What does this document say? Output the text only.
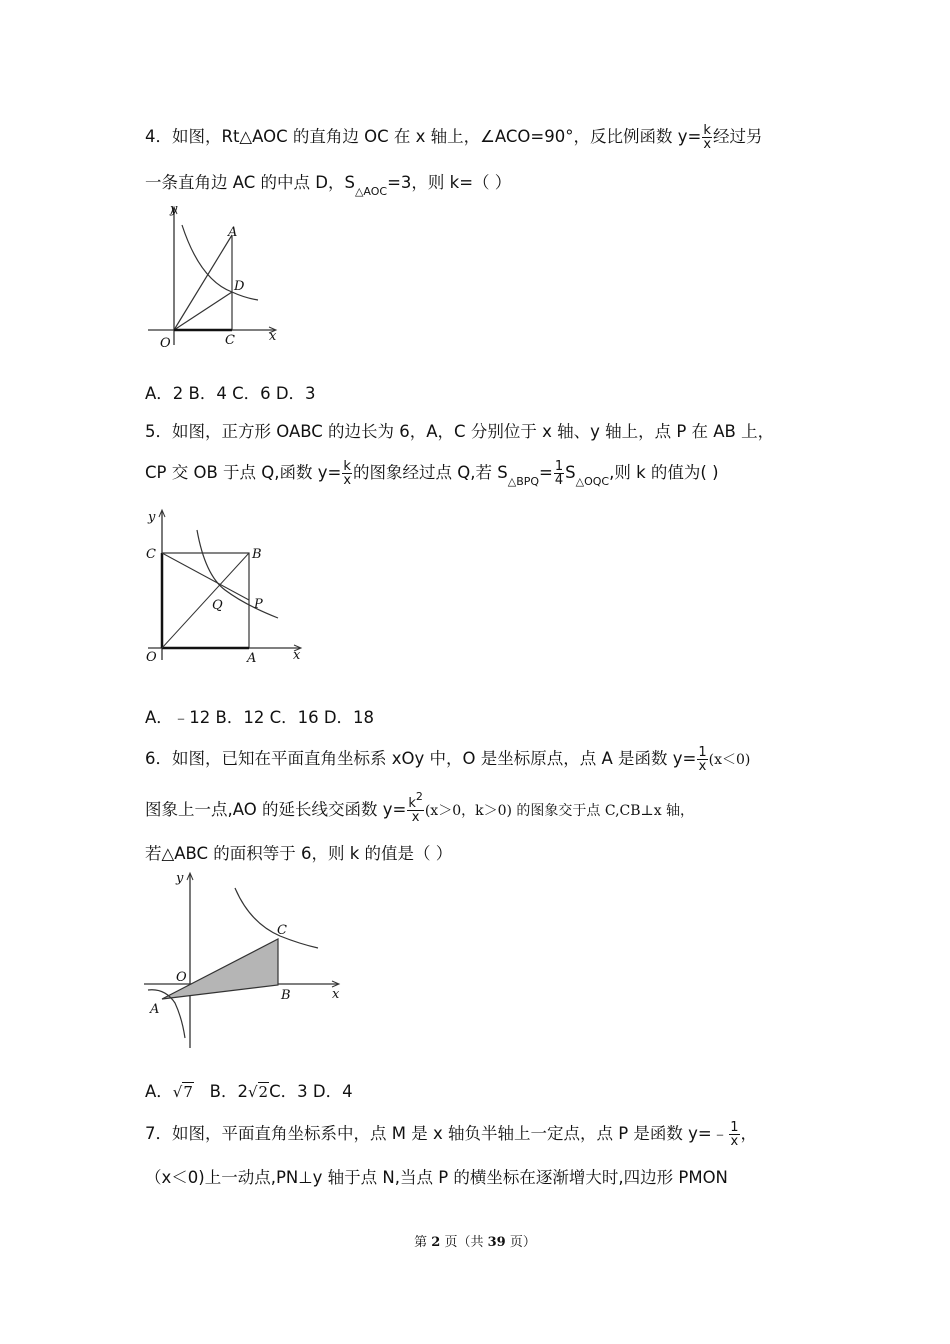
4．如图，Rt△AOC 的直角边 OC 在 x 轴上，∠ACO=90°，反比例函数 $y= \frac{k}{x}$ 经过另
一条直角边 AC 的中点 D，$S_{\triangle AOC}=3$，则 k=（ ）
y
x
O
A
D
C
A．2 B．4 C．6 D．3
5．如图，正方形 OABC 的边长为 6，A，C 分别位于 x 轴、y 轴上，点 P 在 AB 上，
CP 交 OB 于点 Q,函数 $y= \frac{k}{x}$ 的图象经过点 Q,若 $S_{\triangle BPQ}= \frac{1}{4} S_{\triangle OQC}$,则 k 的值为( )
y
x
O	A
B
C
P
Q
A．﹣12 B．12 C．16 D．18
6．如图，已知在平面直角坐标系 xOy 中，O 是坐标原点，点 A 是函数 $y= \frac{1}{x} (x<0)$
图象上一点,AO 的延长线交函数 $y= \frac{k^2}{x} (x>0$，k＞0) 的图象交于点 C,CB⊥x 轴，
若△ABC 的面积等于 6，则 k 的值是（ ）
y
x
O
A
B
C
A．√7 B．2√2C．3 D．4
7．如图，平面直角坐标系中，点 M 是 x 轴负半轴上一定点，点 P 是函数 y=﹣ $\frac{1}{x}$ ，
（x＜0)上一动点,PN⊥y 轴于点 N,当点 P 的横坐标在逐渐增大时,四边形 PMON
第 2 页（共 39 页）
